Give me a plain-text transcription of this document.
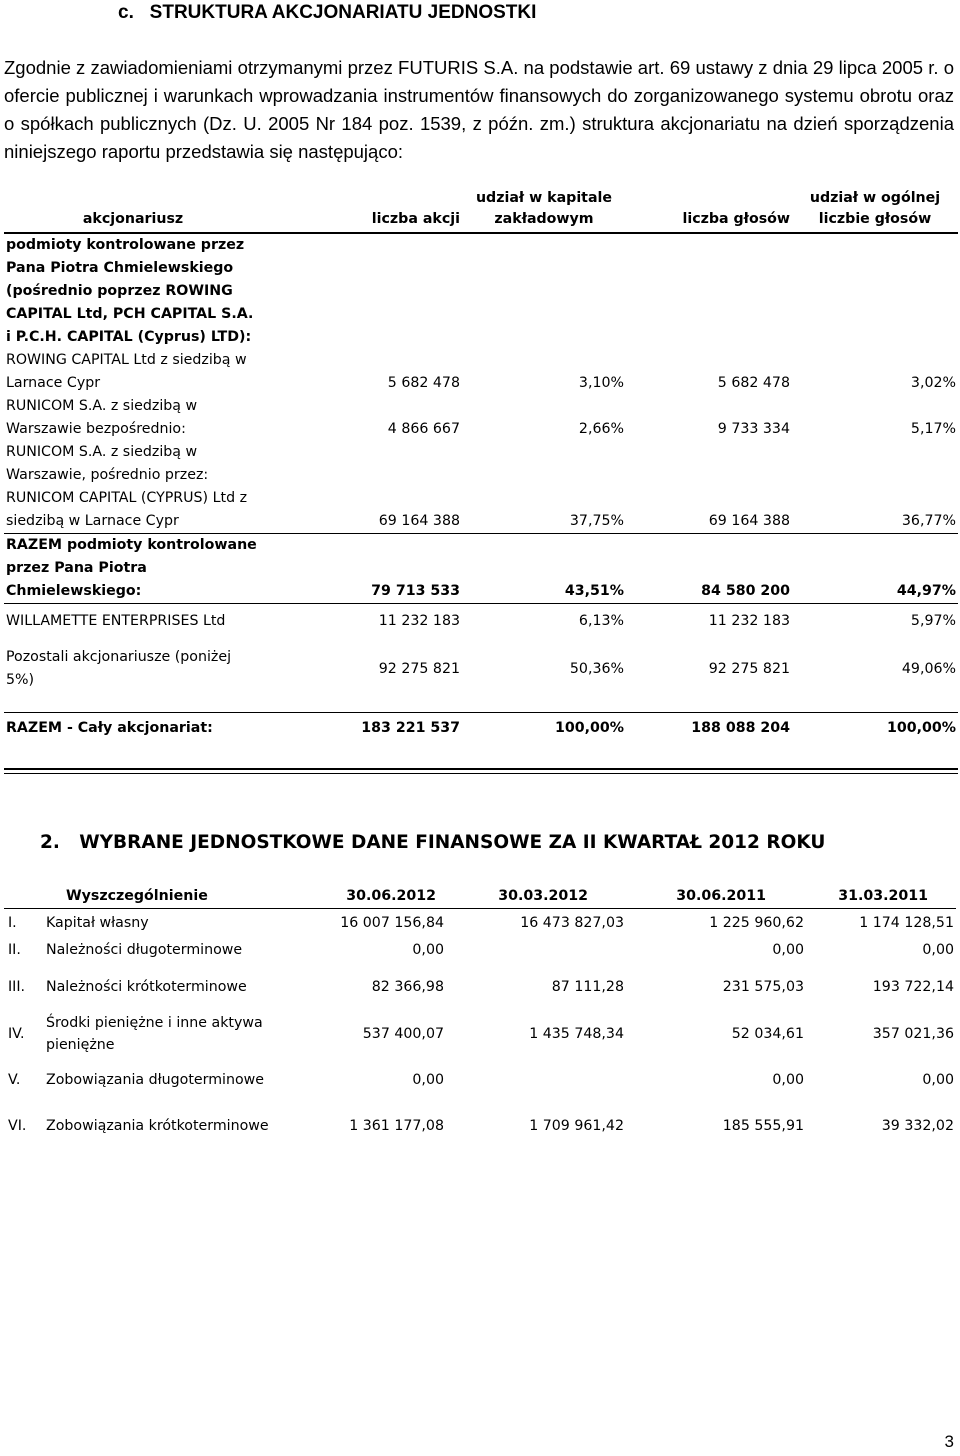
c.   STRUKTURA AKCJONARIATU JEDNOSTKI

Zgodnie z zawiadomieniami otrzymanymi przez FUTURIS S.A. na podstawie art. 69 ustawy z dnia 29 lipca 2005 r. o ofercie publicznej i warunkach wprowadzania instrumentów finansowych do zorganizowanego systemu obrotu oraz o spółkach publicznych (Dz. U. 2005 Nr 184 poz. 1539, z późn. zm.) struktura akcjonariatu na dzień sporządzenia niniejszego raportu przedstawia się następująco:

akcjonariusz	liczba akcji	udział w kapitale zakładowym	liczba głosów	udział w ogólnej liczbie głosów
podmioty kontrolowane przez Pana Piotra Chmielewskiego (pośrednio poprzez ROWING CAPITAL Ltd, PCH CAPITAL S.A. i P.C.H. CAPITAL (Cyprus) LTD):				
ROWING CAPITAL Ltd z siedzibą w Larnace Cypr	5 682 478	3,10%	5 682 478	3,02%
RUNICOM S.A. z siedzibą w Warszawie bezpośrednio:	4 866 667	2,66%	9 733 334	5,17%
RUNICOM S.A. z siedzibą w Warszawie, pośrednio przez: RUNICOM CAPITAL (CYPRUS) Ltd z siedzibą w Larnace Cypr	69 164 388	37,75%	69 164 388	36,77%
RAZEM podmioty kontrolowane przez Pana Piotra Chmielewskiego:	79 713 533	43,51%	84 580 200	44,97%
WILLAMETTE ENTERPRISES Ltd	11 232 183	6,13%	11 232 183	5,97%
Pozostali akcjonariusze (poniżej 5%)	92 275 821	50,36%	92 275 821	49,06%

RAZEM - Cały akcjonariat:	183 221 537	100,00%	188 088 204	100,00%
2.   WYBRANE JEDNOSTKOWE DANE FINANSOWE ZA II KWARTAŁ 2012 ROKU
	Wyszczególnienie	30.06.2012	30.03.2012	30.06.2011	31.03.2011
I.	Kapitał własny	16 007 156,84	16 473 827,03	1 225 960,62	1 174 128,51
II.	Należności długoterminowe	0,00		0,00	0,00
III.	Należności krótkoterminowe	82 366,98	87 111,28	231 575,03	193 722,14
IV.	Środki pieniężne i inne aktywa pieniężne	537 400,07	1 435 748,34	52 034,61	357 021,36
V.	Zobowiązania długoterminowe	0,00		0,00	0,00
VI.	Zobowiązania krótkoterminowe	1 361 177,08	1 709 961,42	185 555,91	39 332,02
3
